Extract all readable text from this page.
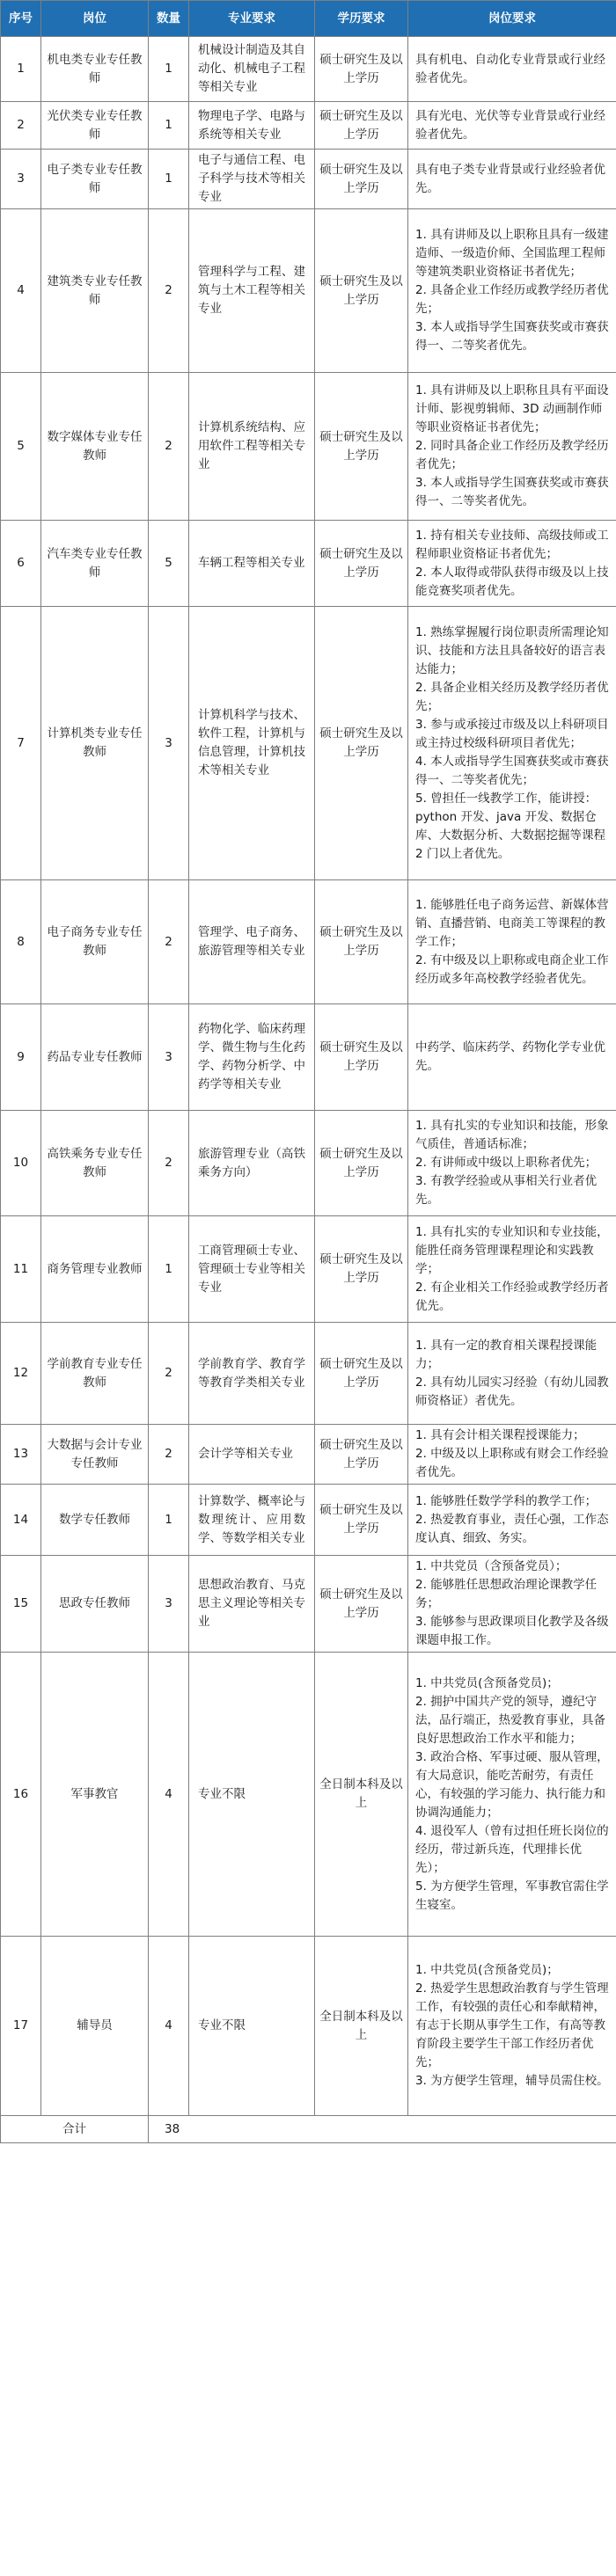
序号	岗位	数量	专业要求	学历要求	岗位要求
1	机电类专业专任教师	1	机械设计制造及其自动化、机械电子工程等相关专业	硕士研究生及以上学历	具有机电、自动化专业背景或行业经验者优先。

2	光伏类专业专任教师	1	物理电子学、电路与系统等相关专业	硕士研究生及以上学历	具有光电、光伏等专业背景或行业经验者优先。

3	电子类专业专任教师	1	电子与通信工程、电子科学与技术等相关专业	硕士研究生及以上学历	具有电子类专业背景或行业经验者优先。

4	建筑类专业专任教师	2	管理科学与工程、建筑与土木工程等相关专业	硕士研究生及以上学历	1. 具有讲师及以上职称且具有一级建造师、一级造价师、全国监理工程师等建筑类职业资格证书者优先；
2. 具备企业工作经历或教学经历者优先；
3. 本人或指导学生国赛获奖或市赛获得一、二等奖者优先。

5	数字媒体专业专任教师	2	计算机系统结构、应用软件工程等相关专业	硕士研究生及以上学历	1. 具有讲师及以上职称且具有平面设计师、影视剪辑师、3D 动画制作师等职业资格证书者优先；
2. 同时具备企业工作经历及教学经历者优先；
3. 本人或指导学生国赛获奖或市赛获得一、二等奖者优先。

6	汽车类专业专任教师	5	车辆工程等相关专业	硕士研究生及以上学历	1. 持有相关专业技师、高级技师或工程师职业资格证书者优先；
2. 本人取得或带队获得市级及以上技能竞赛奖项者优先。

7	计算机类专业专任教师	3	计算机科学与技术、软件工程，计算机与信息管理，计算机技术等相关专业	硕士研究生及以上学历	1. 熟练掌握履行岗位职责所需理论知识、技能和方法且具备较好的语言表达能力；
2. 具备企业相关经历及教学经历者优先；
3. 参与或承接过市级及以上科研项目或主持过校级科研项目者优先；
4. 本人或指导学生国赛获奖或市赛获得一、二等奖者优先；
5. 曾担任一线教学工作，能讲授：python 开发、java 开发、数据仓库、大数据分析、大数据挖掘等课程 2 门以上者优先。

8	电子商务专业专任教师	2	管理学、电子商务、旅游管理等相关专业	硕士研究生及以上学历	1. 能够胜任电子商务运营、新媒体营销、直播营销、电商美工等课程的教学工作；
2. 有中级及以上职称或电商企业工作经历或多年高校教学经验者优先。

9	药品专业专任教师	3	药物化学、临床药理学、微生物与生化药学、药物分析学、中药学等相关专业	硕士研究生及以上学历	中药学、临床药学、药物化学专业优先。

10	高铁乘务专业专任教师	2	旅游管理专业（高铁乘务方向）	硕士研究生及以上学历	1. 具有扎实的专业知识和技能，形象气质佳，普通话标准；
2. 有讲师或中级以上职称者优先；
3. 有教学经验或从事相关行业者优先。

11	商务管理专业教师	1	工商管理硕士专业、管理硕士专业等相关专业	硕士研究生及以上学历	1. 具有扎实的专业知识和专业技能，能胜任商务管理课程理论和实践教学；
2. 有企业相关工作经验或教学经历者优先。

12	学前教育专业专任教师	2	学前教育学、教育学等教育学类相关专业	硕士研究生及以上学历	1. 具有一定的教育相关课程授课能力；
2. 具有幼儿园实习经验（有幼儿园教师资格证）者优先。

13	大数据与会计专业专任教师	2	会计学等相关专业	硕士研究生及以上学历	1. 具有会计相关课程授课能力；
2. 中级及以上职称或有财会工作经验者优先。

14	数学专任教师	1	计算数学、概率论与数理统计、应用数学、等数学相关专业	硕士研究生及以上学历	1. 能够胜任数学学科的教学工作；
2. 热爱教育事业，责任心强，工作态度认真、细致、务实。

15	思政专任教师	3	思想政治教育、马克思主义理论等相关专业	硕士研究生及以上学历	1. 中共党员（含预备党员）；
2. 能够胜任思想政治理论课教学任务；
3. 能够参与思政课项目化教学及各级课题申报工作。

16	军事教官	4	专业不限	全日制本科及以上	1. 中共党员(含预备党员)；
2. 拥护中国共产党的领导，遵纪守法，品行端正，热爱教育事业，具备良好思想政治工作水平和能力；
3. 政治合格、军事过硬、服从管理，有大局意识，能吃苦耐劳，有责任心，有较强的学习能力、执行能力和协调沟通能力；
4. 退役军人（曾有过担任班长岗位的经历，带过新兵连，代理排长优先）；
5. 为方便学生管理，军事教官需住学生寝室。

17	辅导员	4	专业不限	全日制本科及以上	1. 中共党员(含预备党员)；
2. 热爱学生思想政治教育与学生管理工作，有较强的责任心和奉献精神，有志于长期从事学生工作，有高等教育阶段主要学生干部工作经历者优先；
3. 为方便学生管理，辅导员需住校。

合计		38			
